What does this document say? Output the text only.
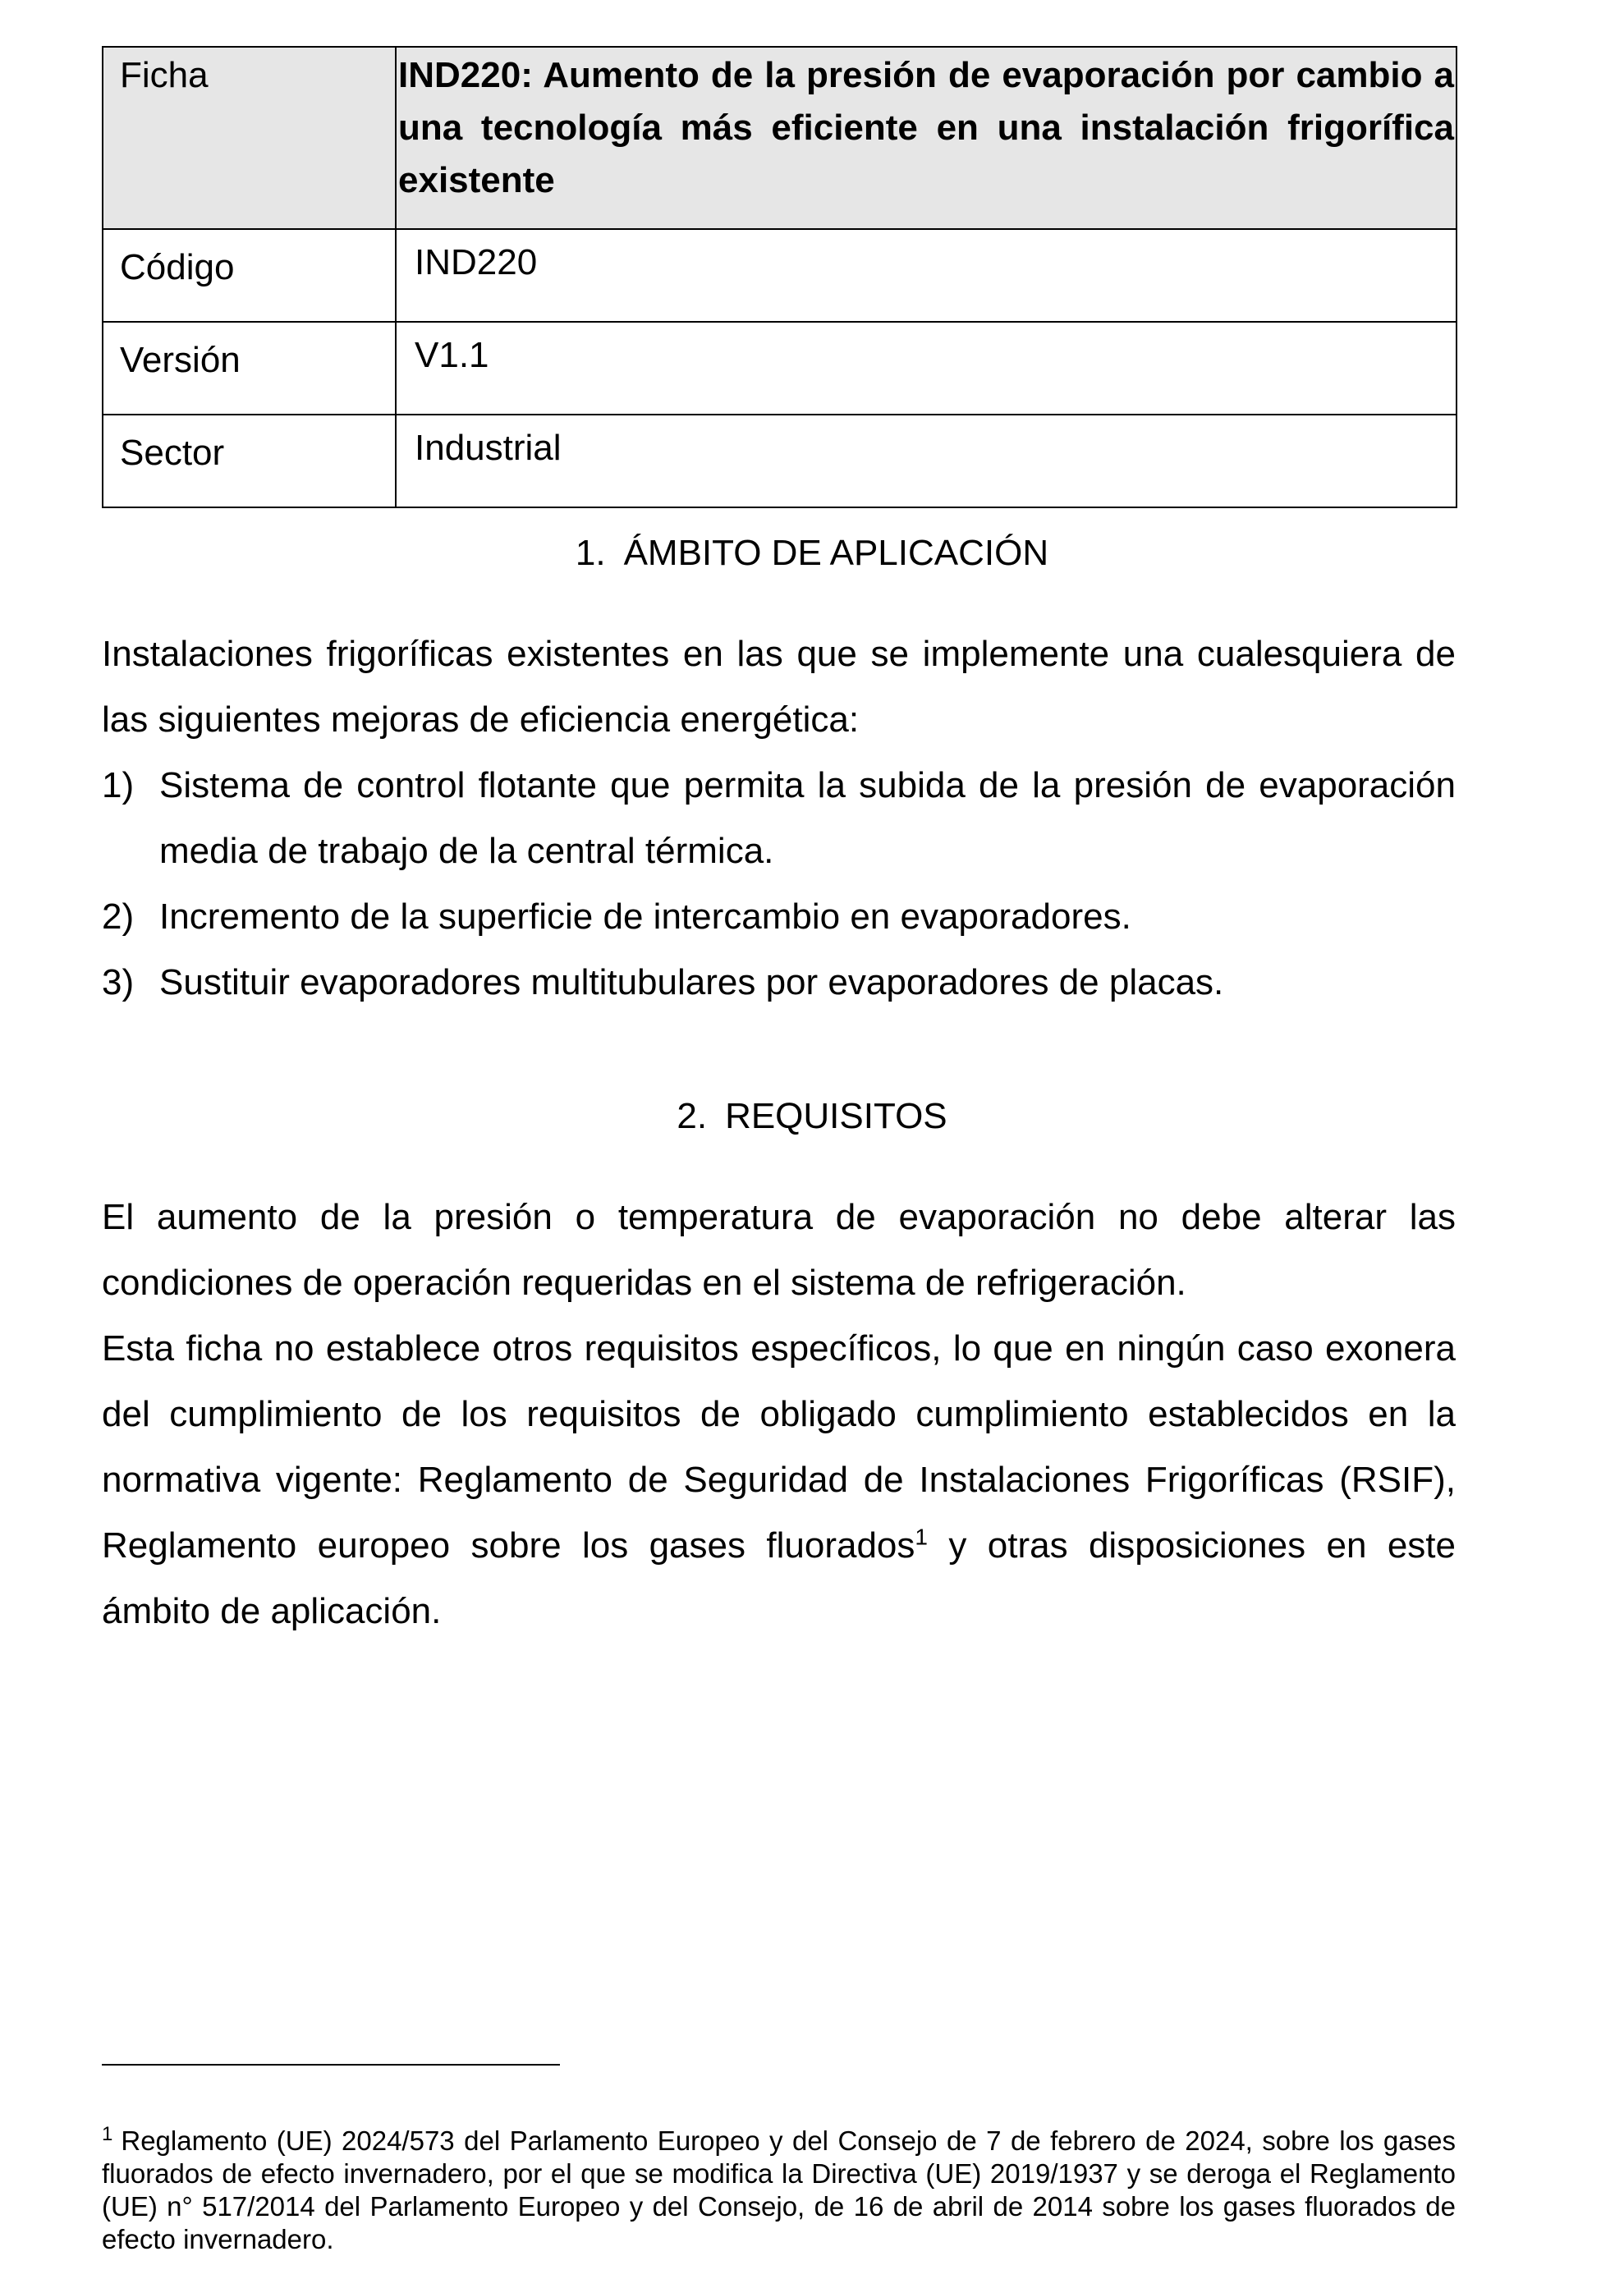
Ficha	IND220: Aumento de la presión de evaporación por cambio a una tecnología más eficiente en una instalación frigorífica existente
Código	IND220
Versión	V1.1
Sector	Industrial
1. ÁMBITO DE APLICACIÓN

Instalaciones frigoríficas existentes en las que se implemente una cualesquiera de las siguientes mejoras de eficiencia energética:

1) Sistema de control flotante que permita la subida de la presión de evaporación media de trabajo de la central térmica.
2) Incremento de la superficie de intercambio en evaporadores.
3) Sustituir evaporadores multitubulares por evaporadores de placas.
2. REQUISITOS

El aumento de la presión o temperatura de evaporación no debe alterar las condiciones de operación requeridas en el sistema de refrigeración.

Esta ficha no establece otros requisitos específicos, lo que en ningún caso exonera del cumplimiento de los requisitos de obligado cumplimiento establecidos en la normativa vigente: Reglamento de Seguridad de Instalaciones Frigoríficas (RSIF), Reglamento europeo sobre los gases fluorados$^1$ y otras disposiciones en este ámbito de aplicación.

$^1$ Reglamento (UE) 2024/573 del Parlamento Europeo y del Consejo de 7 de febrero de 2024, sobre los gases fluorados de efecto invernadero, por el que se modifica la Directiva (UE) 2019/1937 y se deroga el Reglamento (UE) n° 517/2014 del Parlamento Europeo y del Consejo, de 16 de abril de 2014 sobre los gases fluorados de efecto invernadero.
